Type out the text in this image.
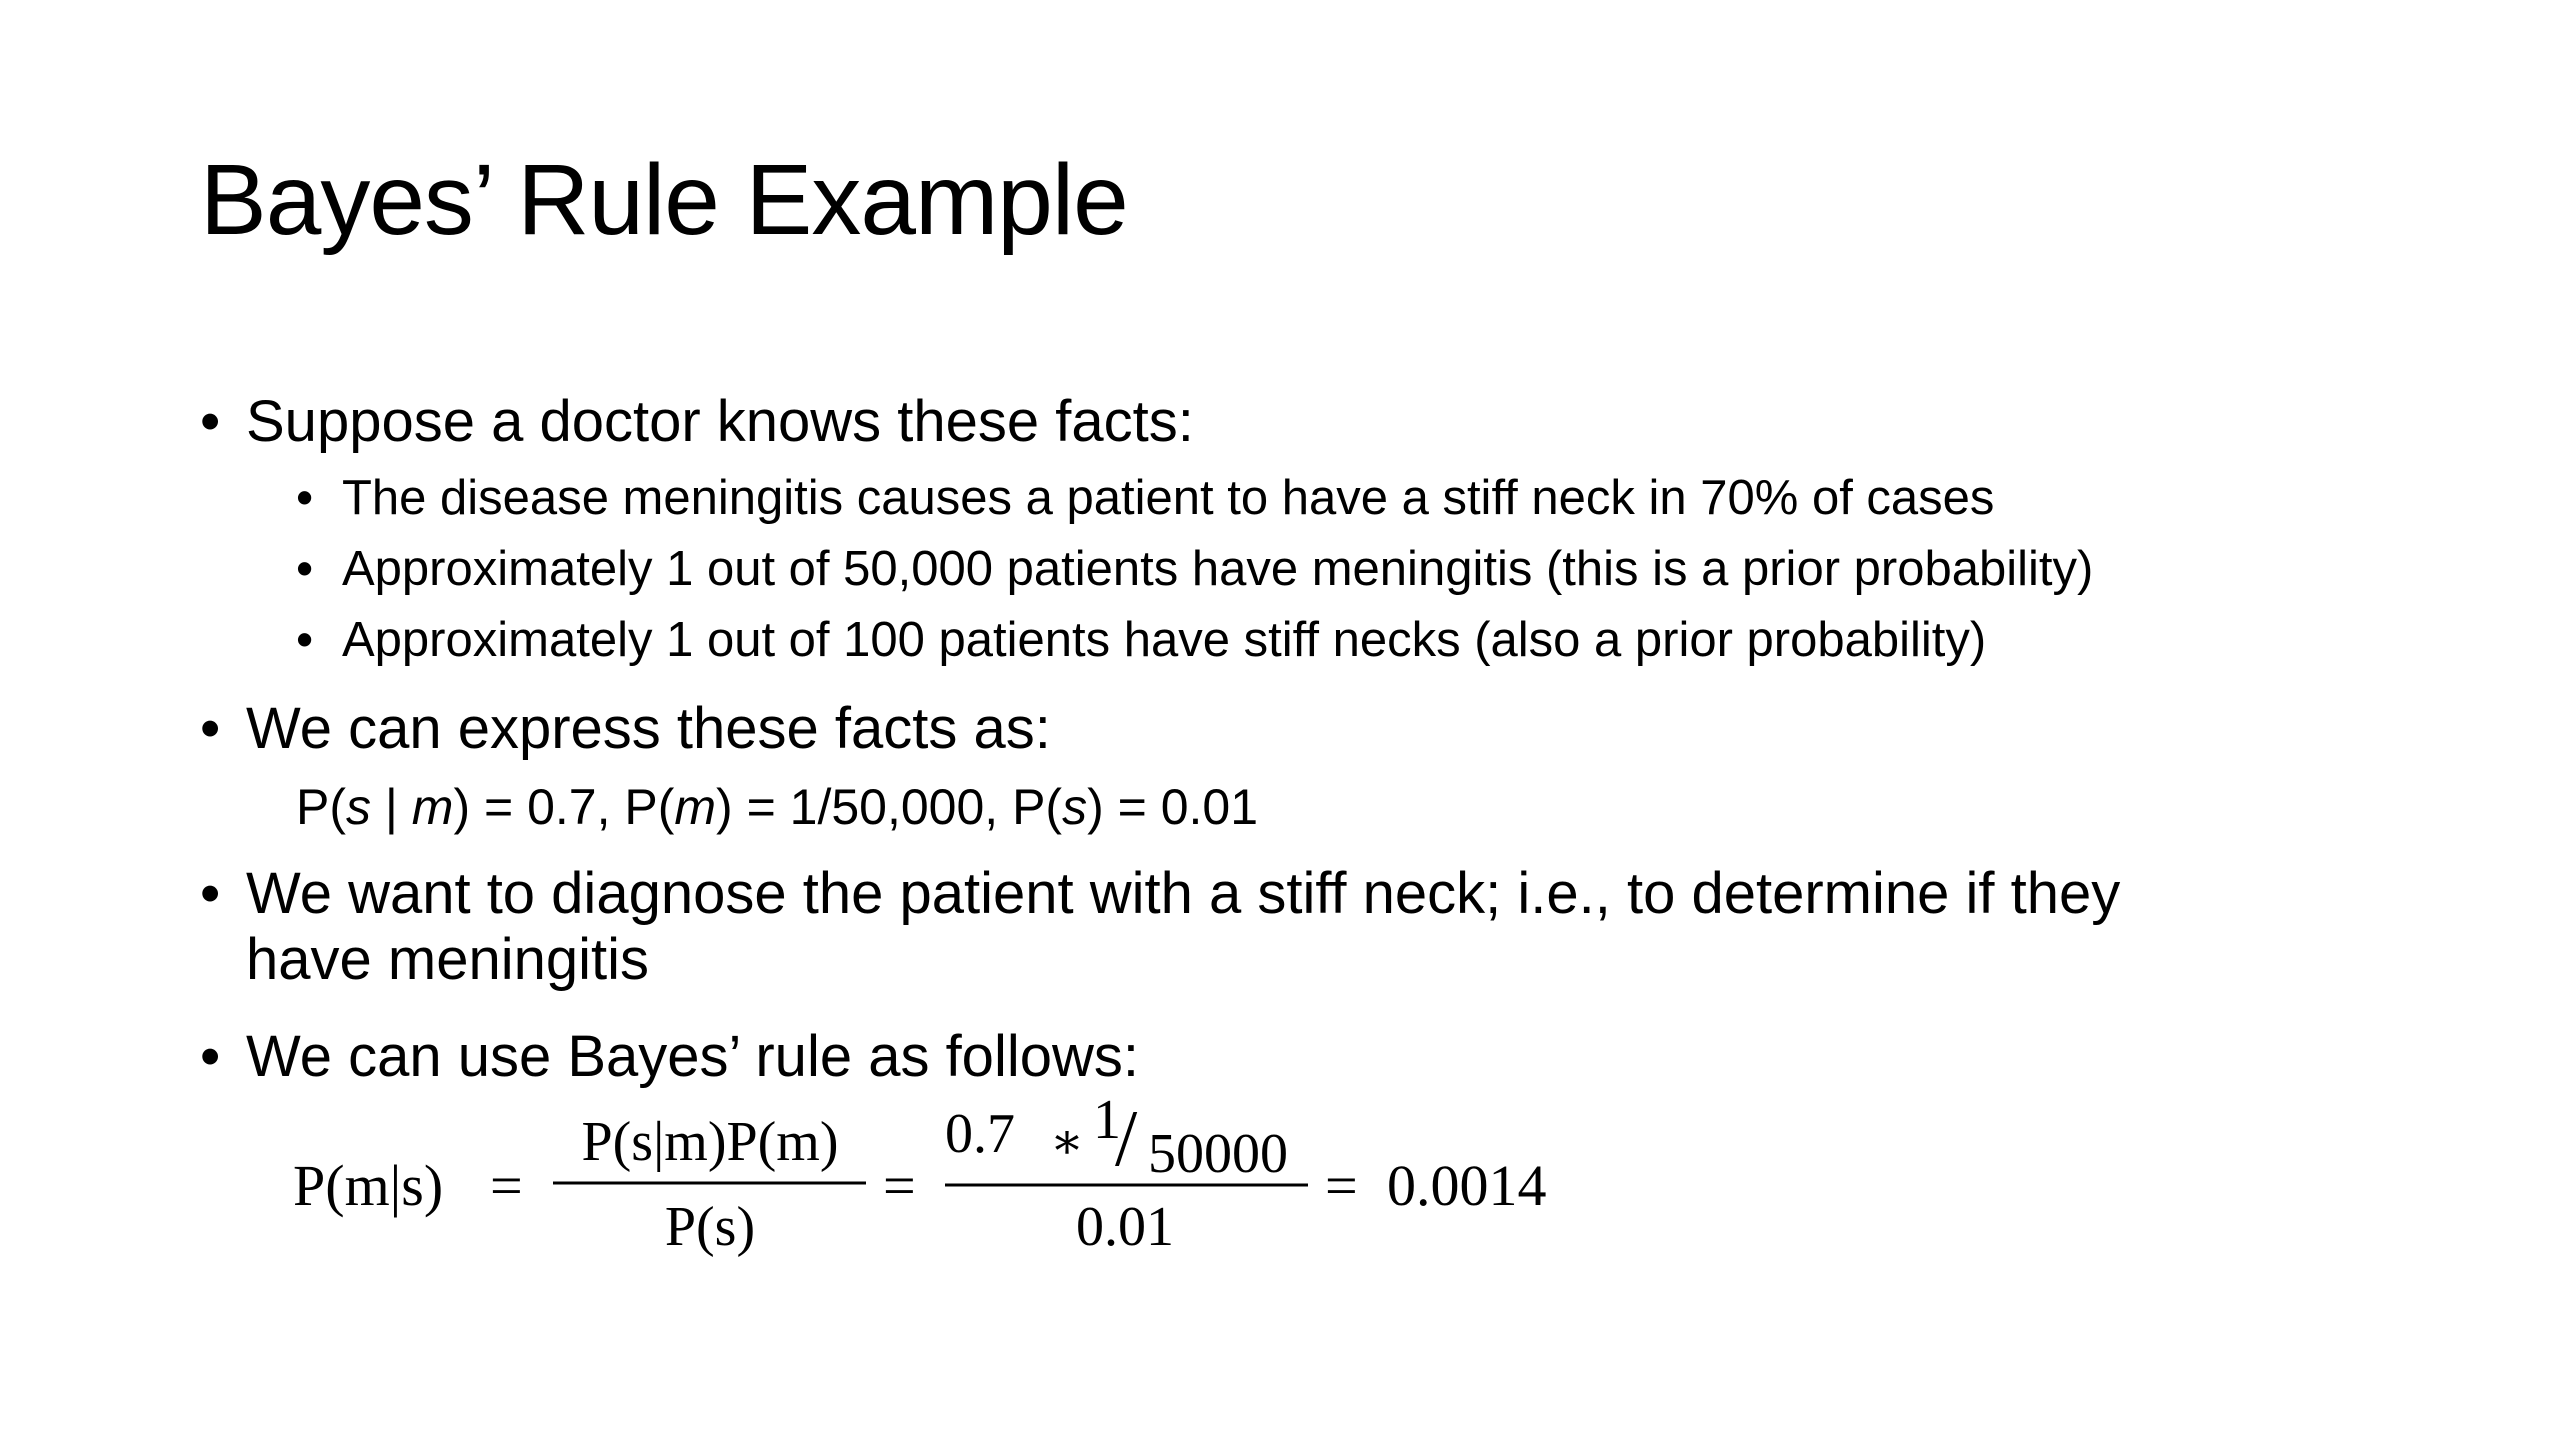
Bayes’ Rule Example
• Suppose a doctor knows these facts:
• The disease meningitis causes a patient to have a stiff neck in 70% of cases
• Approximately 1 out of 50,000 patients have meningitis (this is a prior probability)
• Approximately 1 out of 100 patients have stiff necks (also a prior probability)
• We can express these facts as:
P(s | m) = 0.7, P(m) = 1/50,000, P(s) = 0.01
• We want to diagnose the patient with a stiff neck; i.e., to determine if they
have meningitis
• We can use Bayes’ rule as follows:
P(m|s) =
P(s|m)P(m)
P(s)
=
0.7 ∗ 1
/ 50000
0.01
= 0.0014
